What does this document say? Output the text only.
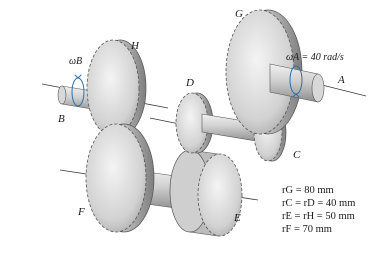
G
H
D	A
B
C
F	E
ωB	ωA = 40 rad/s
rG = 80 mm
rC = rD = 40 mm
rE = rH = 50 mm
rF = 70 mm
